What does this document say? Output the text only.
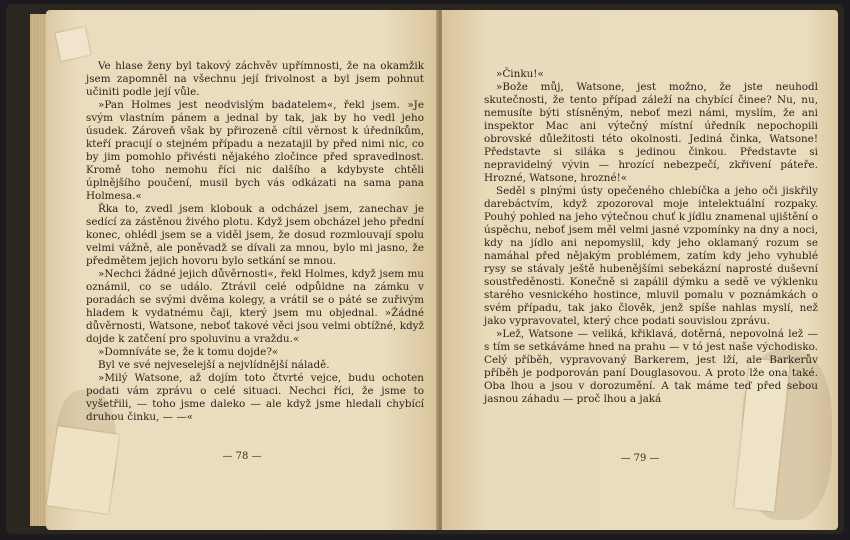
Ve hlase ženy byl takový záchvěv upřímnosti, že na okamžik jsem zapomněl na všechnu její frivolnost a byl jsem pohnut učiniti podle její vůle.

»Pan Holmes jest neodvislým badatelem«, řekl jsem. »Je svým vlastním pánem a jednal by tak, jak by ho vedl jeho úsudek. Zároveň však by přirozeně cítil věrnost k úředníkům, kteří pracují o stejném případu a nezatajil by před nimi nic, co by jim pomohlo přivésti nějakého zločince před spravedlnost. Kromě toho nemohu říci nic dalšího a kdybyste chtěli úplnějšího poučení, musil bych vás odkázati na sama pana Holmesa.«

Řka to, zvedl jsem klobouk a odcházel jsem, zanechav je sedící za zástěnou živého plotu. Když jsem obcházel jeho přední konec, ohlédl jsem se a viděl jsem, že dosud rozmlouvají spolu velmi vážně, ale poněvadž se dívali za mnou, bylo mi jasno, že předmětem jejich hovoru bylo setkání se mnou.

»Nechci žádné jejich důvěrnosti«, řekl Holmes, když jsem mu oznámil, co se událo. Ztrávil celé odpůldne na zámku v poradách se svými dvěma kolegy, a vrátil se o páté se zuřivým hladem k vydatnému čaji, který jsem mu objednal. »Žádné důvěrnosti, Watsone, neboť takové věci jsou velmi obtížné, když dojde k zatčení pro spoluvinu a vraždu.«

»Domníváte se, že k tomu dojde?«

Byl ve své nejveselejší a nejvlídnější náladě.

»Milý Watsone, až dojím toto čtvrté vejce, budu ochoten podati vám zprávu o celé situaci. Nechci říci, že jsme to vyšetřili, — toho jsme daleko — ale když jsme hledali chybící druhou činku, — —«

— 78 —

»Činku!«

»Bože můj, Watsone, jest možno, že jste neuhodl skutečnosti, že tento případ záleží na chybící činee? Nu, nu, nemusíte býti stísněným, neboť mezi námi, myslím, že ani inspektor Mac ani výtečný místní úředník nepochopili obrovské důležitosti této okolnosti. Jediná činka, Watsone! Představte si siláka s jedinou činkou. Představte si nepravidelný vývin — hrozící nebezpečí, zkřivení páteře. Hrozné, Watsone, hrozné!«

Seděl s plnými ústy opečeného chlebíčka a jeho oči jiskřily darebáctvím, když zpozoroval moje intelektuální rozpaky. Pouhý pohled na jeho výtečnou chuť k jídlu znamenal ujištění o úspěchu, neboť jsem měl velmi jasné vzpomínky na dny a noci, kdy na jídlo ani nepomyslil, kdy jeho oklamaný rozum se namáhal před nějakým problémem, zatím kdy jeho vyhublé rysy se stávaly ještě hubenějšími sebekázní naprosté duševní soustředěnosti. Konečně si zapálil dýmku a sedě ve výklenku starého vesnického hostince, mluvil pomalu v poznámkách o svém případu, tak jako člověk, jenž spíše nahlas myslí, než jako vypravovatel, který chce podati souvislou zprávu.

»Lež, Watsone — veliká, křiklavá, dotěrná, nepovolná lež — s tím se setkáváme hned na prahu — v tó jest naše východisko. Celý příběh, vypravovaný Barkerem, jest lží, ale Barkerův příběh je podporován paní Douglasovou. A proto lže ona také. Oba lhou a jsou v dorozumění. A tak máme teď před sebou jasnou záhadu — proč lhou a jaká

— 79 —
